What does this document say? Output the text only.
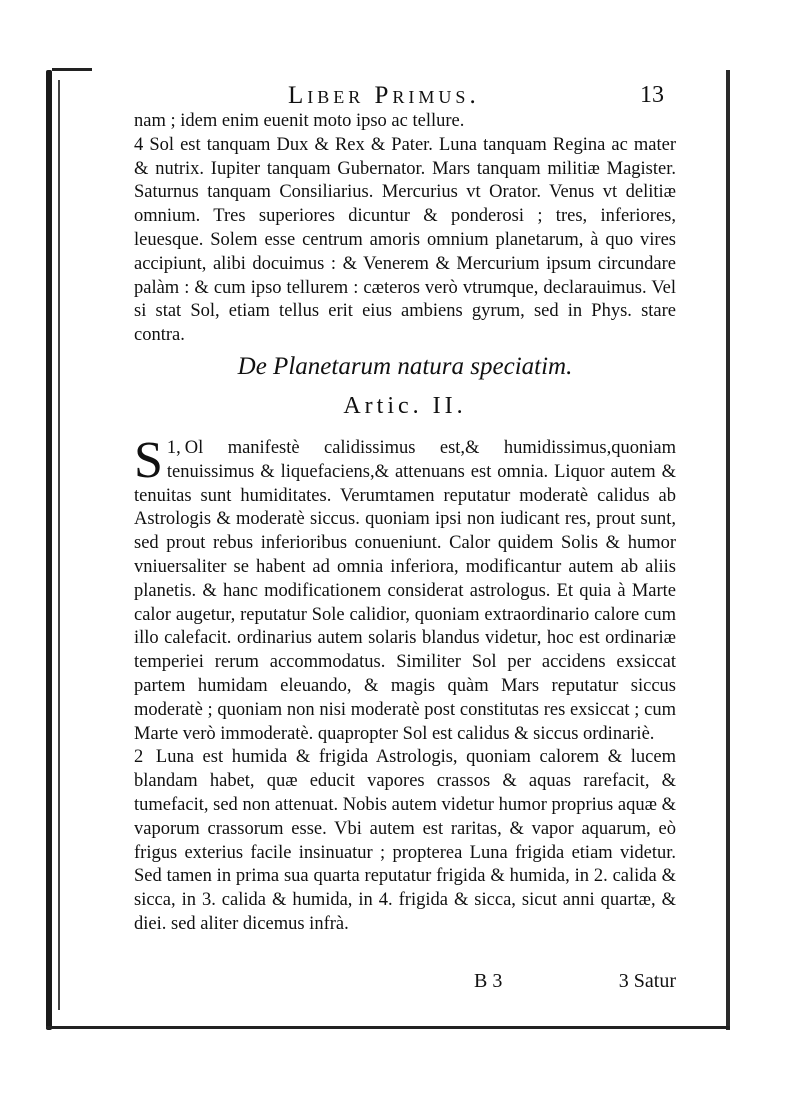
Liber Primus.	13

nam ; idem enim euenit moto ipso ac tellure.

4 Sol est tanquam Dux & Rex & Pater. Luna tanquam Regina ac mater & nutrix. Iupiter tanquam Gubernator. Mars tanquam militiæ Magister. Saturnus tanquam Consiliarius. Mercurius vt Orator. Venus vt delitiæ omnium. Tres superiores dicuntur & ponderosi ; tres, inferiores, leuesque. Solem esse centrum amoris omnium planetarum, à quo vires accipiunt, alibi docuimus : & Venerem & Mercurium ipsum circundare palàm : & cum ipso tellurem : cæteros verò vtrumque, declarauimus. Vel si stat Sol, etiam tellus erit eius ambiens gyrum, sed in Phys. stare contra.

De Planetarum natura speciatim.
Artic. II.

1,
S Ol manifestè calidissimus est,& humidissimus,quoniam tenuissimus & liquefaciens,& attenuans est omnia. Liquor autem & tenuitas sunt humiditates. Verumtamen reputatur moderatè calidus ab Astrologis & moderatè siccus. quoniam ipsi non iudicant res, prout sunt, sed prout rebus inferioribus conueniunt. Calor quidem Solis & humor vniuersaliter se habent ad omnia inferiora, modificantur autem ab aliis planetis. & hanc modificationem considerat astrologus. Et quia à Marte calor augetur, reputatur Sole calidior, quoniam extraordinario calore cum illo calefacit. ordinarius autem solaris blandus videtur, hoc est ordinariæ temperiei rerum accommodatus. Similiter Sol per accidens exsiccat partem humidam eleuando, & magis quàm Mars reputatur siccus moderatè ; quoniam non nisi moderatè post constitutas res exsiccat ; cum Marte verò immoderatè. quapropter Sol est calidus & siccus ordinariè.

2 Luna est humida & frigida Astrologis, quoniam calorem & lucem blandam habet, quæ educit vapores crassos & aquas rarefacit, & tumefacit, sed non attenuat. Nobis autem videtur humor proprius aquæ & vaporum crassorum esse. Vbi autem est raritas, & vapor aquarum, eò frigus exterius facile insinuatur ; propterea Luna frigida etiam videtur. Sed tamen in prima sua quarta reputatur frigida & humida, in 2. calida & sicca, in 3. calida & humida, in 4. frigida & sicca, sicut anni quartæ, & diei. sed aliter dicemus infrà.

B 3	3 Satur
